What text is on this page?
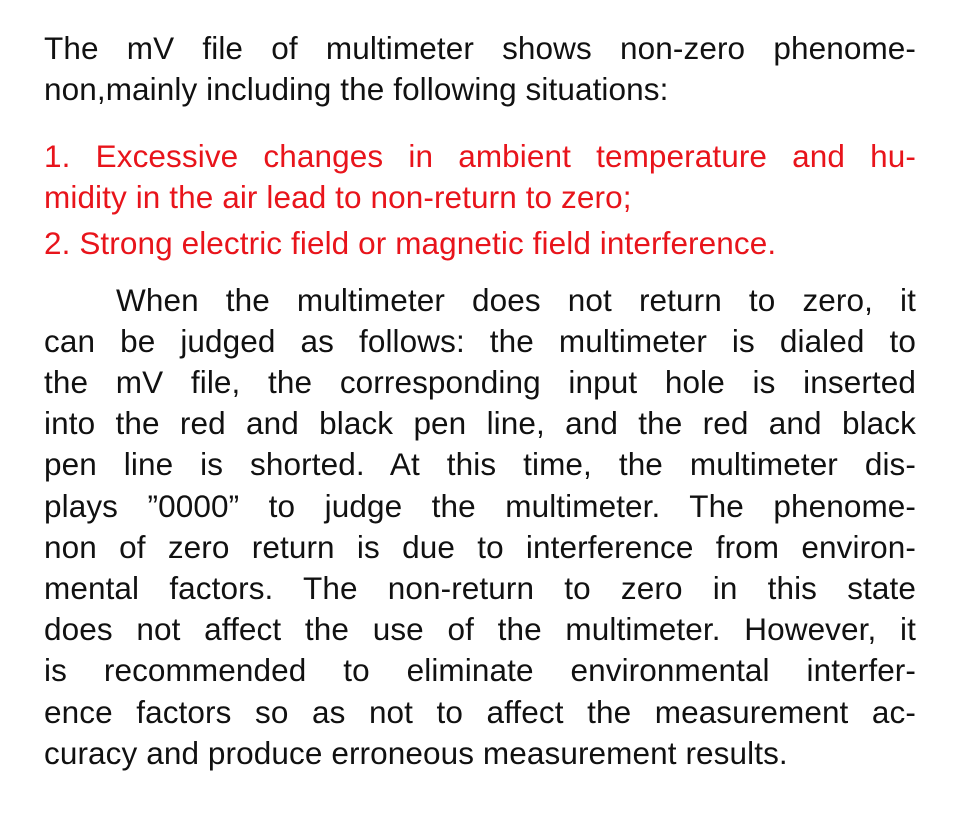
The mV file of multimeter shows non-zero phenome-
non,mainly including the following situations:

1. Excessive changes in ambient temperature and hu-
midity in the air lead to non-return to zero;
2. Strong electric field or magnetic field interference.

When the multimeter does not return to zero, it
can be judged as follows: the multimeter is dialed to
the mV file, the corresponding input hole is inserted
into the red and black pen line, and the red and black
pen line is shorted. At this time, the multimeter dis-
plays ”0000” to judge the multimeter. The phenome-
non of zero return is due to interference from environ-
mental factors. The non-return to zero in this state
does not affect the use of the multimeter. However, it
is recommended to eliminate environmental interfer-
ence factors so as not to affect the measurement ac-
curacy and produce erroneous measurement results.
